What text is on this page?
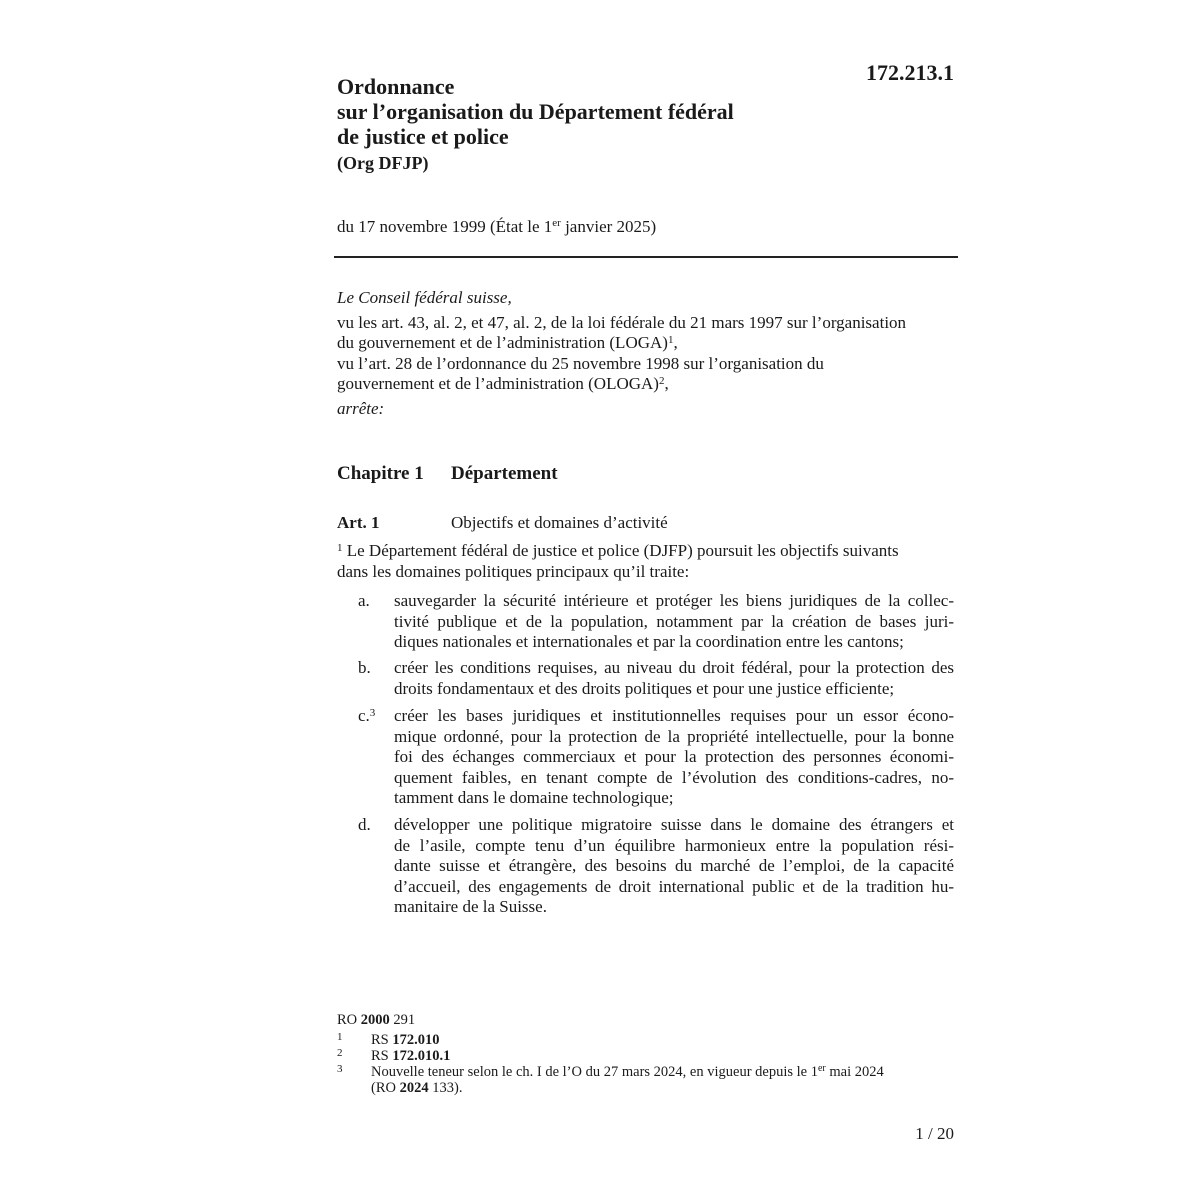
172.213.1
Ordonnance
sur l’organisation du Département fédéral
de justice et police
(Org DFJP)
du 17 novembre 1999 (État le 1er janvier 2025)
Le Conseil fédéral suisse,
vu les art. 43, al. 2, et 47, al. 2, de la loi fédérale du 21 mars 1997 sur l’organisation
du gouvernement et de l’administration (LOGA)$^1$,
vu l’art. 28 de l’ordonnance du 25 novembre 1998 sur l’organisation du
gouvernement et de l’administration (OLOGA)$^2$,
arrête:
Chapitre 1 Département
Art. 1	Objectifs et domaines d’activité
$^1$ Le Département fédéral de justice et police (DJFP) poursuit les objectifs suivants
dans les domaines politiques principaux qu’il traite:
a. sauvegarder la sécurité intérieure et protéger les biens juridiques de la collec-
tivité publique et de la population, notamment par la création de bases juri-
diques nationales et internationales et par la coordination entre les cantons;
b. créer les conditions requises, au niveau du droit fédéral, pour la protection des
droits fondamentaux et des droits politiques et pour une justice efficiente;
c.$^3$ créer les bases juridiques et institutionnelles requises pour un essor écono-
mique ordonné, pour la protection de la propriété intellectuelle, pour la bonne
foi des échanges commerciaux et pour la protection des personnes économi-
quement faibles, en tenant compte de l’évolution des conditions-cadres, no-
tamment dans le domaine technologique;
d. développer une politique migratoire suisse dans le domaine des étrangers et
de l’asile, compte tenu d’un équilibre harmonieux entre la population rési-
dante suisse et étrangère, des besoins du marché de l’emploi, de la capacité
d’accueil, des engagements de droit international public et de la tradition hu-
manitaire de la Suisse.
RO 2000 291
1 RS 172.010
2 RS 172.010.1
3 Nouvelle teneur selon le ch. I de l’O du 27 mars 2024, en vigueur depuis le 1er mai 2024
(RO 2024 133).
1 / 20
